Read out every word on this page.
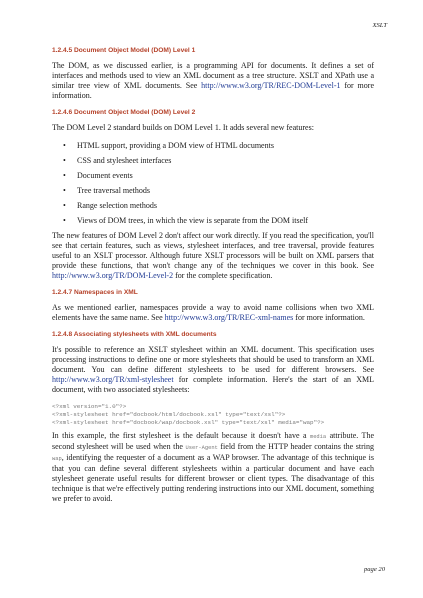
XSLT
1.2.4.5 Document Object Model (DOM) Level 1

The DOM, as we discussed earlier, is a programming API for documents. It defines a set of interfaces and methods used to view an XML document as a tree structure. XSLT and XPath use a similar tree view of XML documents. See http://www.w3.org/TR/REC-DOM-Level-1 for more information.

1.2.4.6 Document Object Model (DOM) Level 2

The DOM Level 2 standard builds on DOM Level 1. It adds several new features:

• HTML support, providing a DOM view of HTML documents
• CSS and stylesheet interfaces
• Document events
• Tree traversal methods
• Range selection methods
• Views of DOM trees, in which the view is separate from the DOM itself

The new features of DOM Level 2 don't affect our work directly. If you read the specification, you'll see that certain features, such as views, stylesheet interfaces, and tree traversal, provide features useful to an XSLT processor. Although future XSLT processors will be built on XML parsers that provide these functions, that won't change any of the techniques we cover in this book. See http://www.w3.org/TR/DOM-Level-2 for the complete specification.

1.2.4.7 Namespaces in XML

As we mentioned earlier, namespaces provide a way to avoid name collisions when two XML elements have the same name. See http://www.w3.org/TR/REC-xml-names for more information.

1.2.4.8 Associating stylesheets with XML documents

It's possible to reference an XSLT stylesheet within an XML document. This specification uses processing instructions to define one or more stylesheets that should be used to transform an XML document. You can define different stylesheets to be used for different browsers. See http://www.w3.org/TR/xml-stylesheet for complete information. Here's the start of an XML document, with two associated stylesheets:

<?xml version="1.0"?>
<?xml-stylesheet href="docbook/html/docbook.xsl" type="text/xsl"?>
<?xml-stylesheet href="docbook/wap/docbook.xsl" type="text/xsl" media="wap"?>

In this example, the first stylesheet is the default because it doesn't have a media attribute. The second stylesheet will be used when the User-Agent field from the HTTP header contains the string wap, identifying the requester of a document as a WAP browser. The advantage of this technique is that you can define several different stylesheets within a particular document and have each stylesheet generate useful results for different browser or client types. The disadvantage of this technique is that we're effectively putting rendering instructions into our XML document, something we prefer to avoid.

page 20
